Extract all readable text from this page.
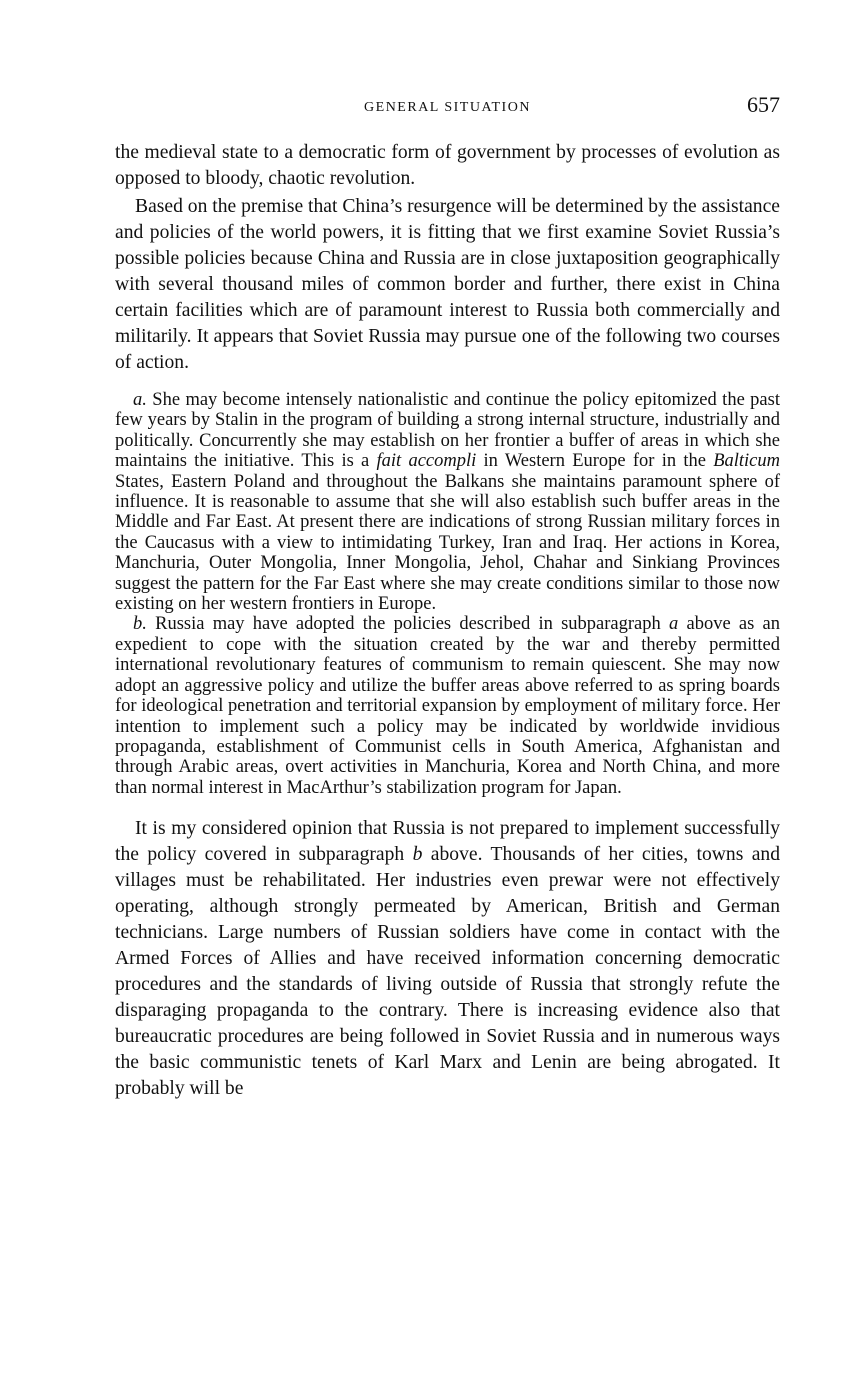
GENERAL SITUATION	657

the medieval state to a democratic form of government by processes of evolution as opposed to bloody, chaotic revolution.

Based on the premise that China’s resurgence will be determined by the assistance and policies of the world powers, it is fitting that we first examine Soviet Russia’s possible policies because China and Russia are in close juxtaposition geographically with several thousand miles of common border and further, there exist in China certain facilities which are of paramount interest to Russia both commercially and militarily. It appears that Soviet Russia may pursue one of the following two courses of action.

a. She may become intensely nationalistic and continue the policy epitomized the past few years by Stalin in the program of building a strong internal structure, industrially and politically. Concurrently she may establish on her frontier a buffer of areas in which she maintains the initiative. This is a fait accompli in Western Europe for in the Balticum States, Eastern Poland and throughout the Balkans she maintains paramount sphere of influence. It is reasonable to assume that she will also establish such buffer areas in the Middle and Far East. At present there are indications of strong Russian military forces in the Caucasus with a view to intimidating Turkey, Iran and Iraq. Her actions in Korea, Manchuria, Outer Mongolia, Inner Mongolia, Jehol, Chahar and Sinkiang Provinces suggest the pattern for the Far East where she may create conditions similar to those now existing on her western frontiers in Europe.

b. Russia may have adopted the policies described in subparagraph a above as an expedient to cope with the situation created by the war and thereby permitted international revolutionary features of communism to remain quiescent. She may now adopt an aggressive policy and utilize the buffer areas above referred to as spring boards for ideological penetration and territorial expansion by employment of military force. Her intention to implement such a policy may be indicated by worldwide invidious propaganda, establishment of Communist cells in South America, Afghanistan and through Arabic areas, overt activities in Manchuria, Korea and North China, and more than normal interest in MacArthur’s stabilization program for Japan.

It is my considered opinion that Russia is not prepared to implement successfully the policy covered in subparagraph b above. Thousands of her cities, towns and villages must be rehabilitated. Her industries even prewar were not effectively operating, although strongly permeated by American, British and German technicians. Large numbers of Russian soldiers have come in contact with the Armed Forces of Allies and have received information concerning democratic procedures and the standards of living outside of Russia that strongly refute the disparaging propaganda to the contrary. There is increasing evidence also that bureaucratic procedures are being followed in Soviet Russia and in numerous ways the basic communistic tenets of Karl Marx and Lenin are being abrogated. It probably will be
